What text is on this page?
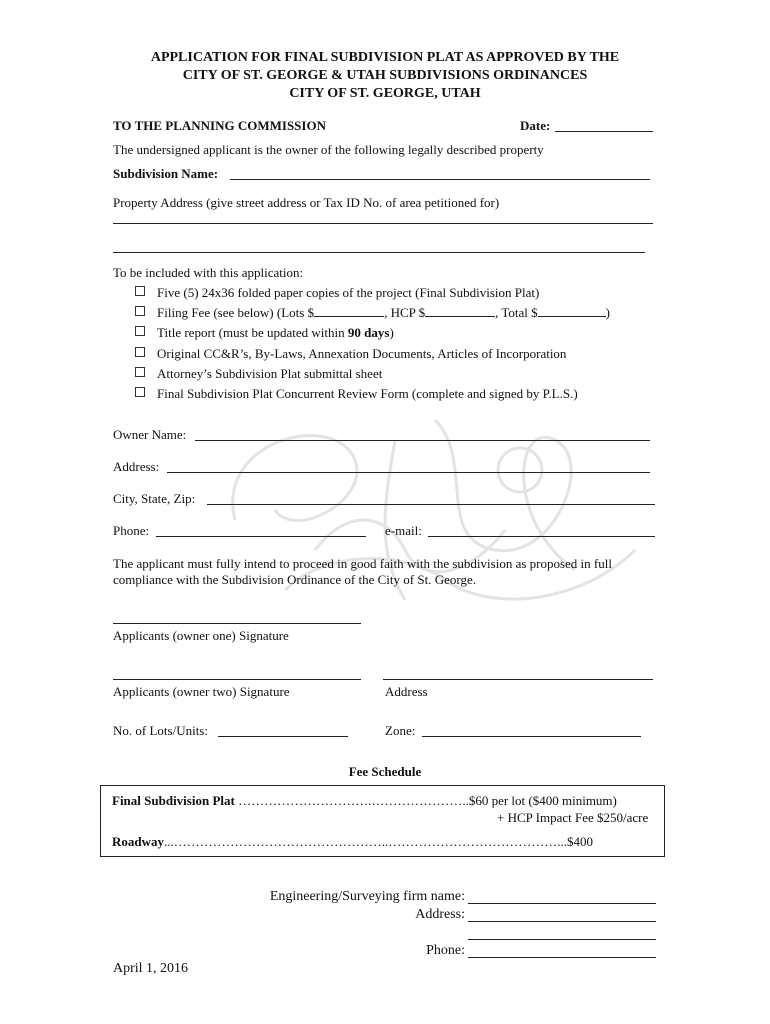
APPLICATION FOR FINAL SUBDIVISION PLAT AS APPROVED BY THE
CITY OF ST. GEORGE & UTAH SUBDIVISIONS ORDINANCES
CITY OF ST. GEORGE, UTAH
TO THE PLANNING COMMISSION	Date:
The undersigned applicant is the owner of the following legally described property
Subdivision Name:
Property Address (give street address or Tax ID No. of area petitioned for)
To be included with this application:
Five (5) 24x36 folded paper copies of the project (Final Subdivision Plat)
Filing Fee (see below) (Lots $	, HCP $	, Total $	)
Title report (must be updated within 90 days)
Original CC&R’s, By-Laws, Annexation Documents, Articles of Incorporation
Attorney’s Subdivision Plat submittal sheet
Final Subdivision Plat Concurrent Review Form (complete and signed by P.L.S.)
Owner Name:
Address:
City, State, Zip:
Phone:	e-mail:
The applicant must fully intend to proceed in good faith with the subdivision as proposed in full
compliance with the Subdivision Ordinance of the City of St. George.
Applicants (owner one) Signature
Applicants (owner two) Signature	Address
No. of Lots/Units:	Zone:
Fee Schedule
Final Subdivision Plat ………………………….…………………..$60 per lot ($400 minimum)
+ HCP Impact Fee $250/acre
Roadway...…………………………………………..…………………………………...$400
Engineering/Surveying firm name:
Address:
Phone:
April 1, 2016
